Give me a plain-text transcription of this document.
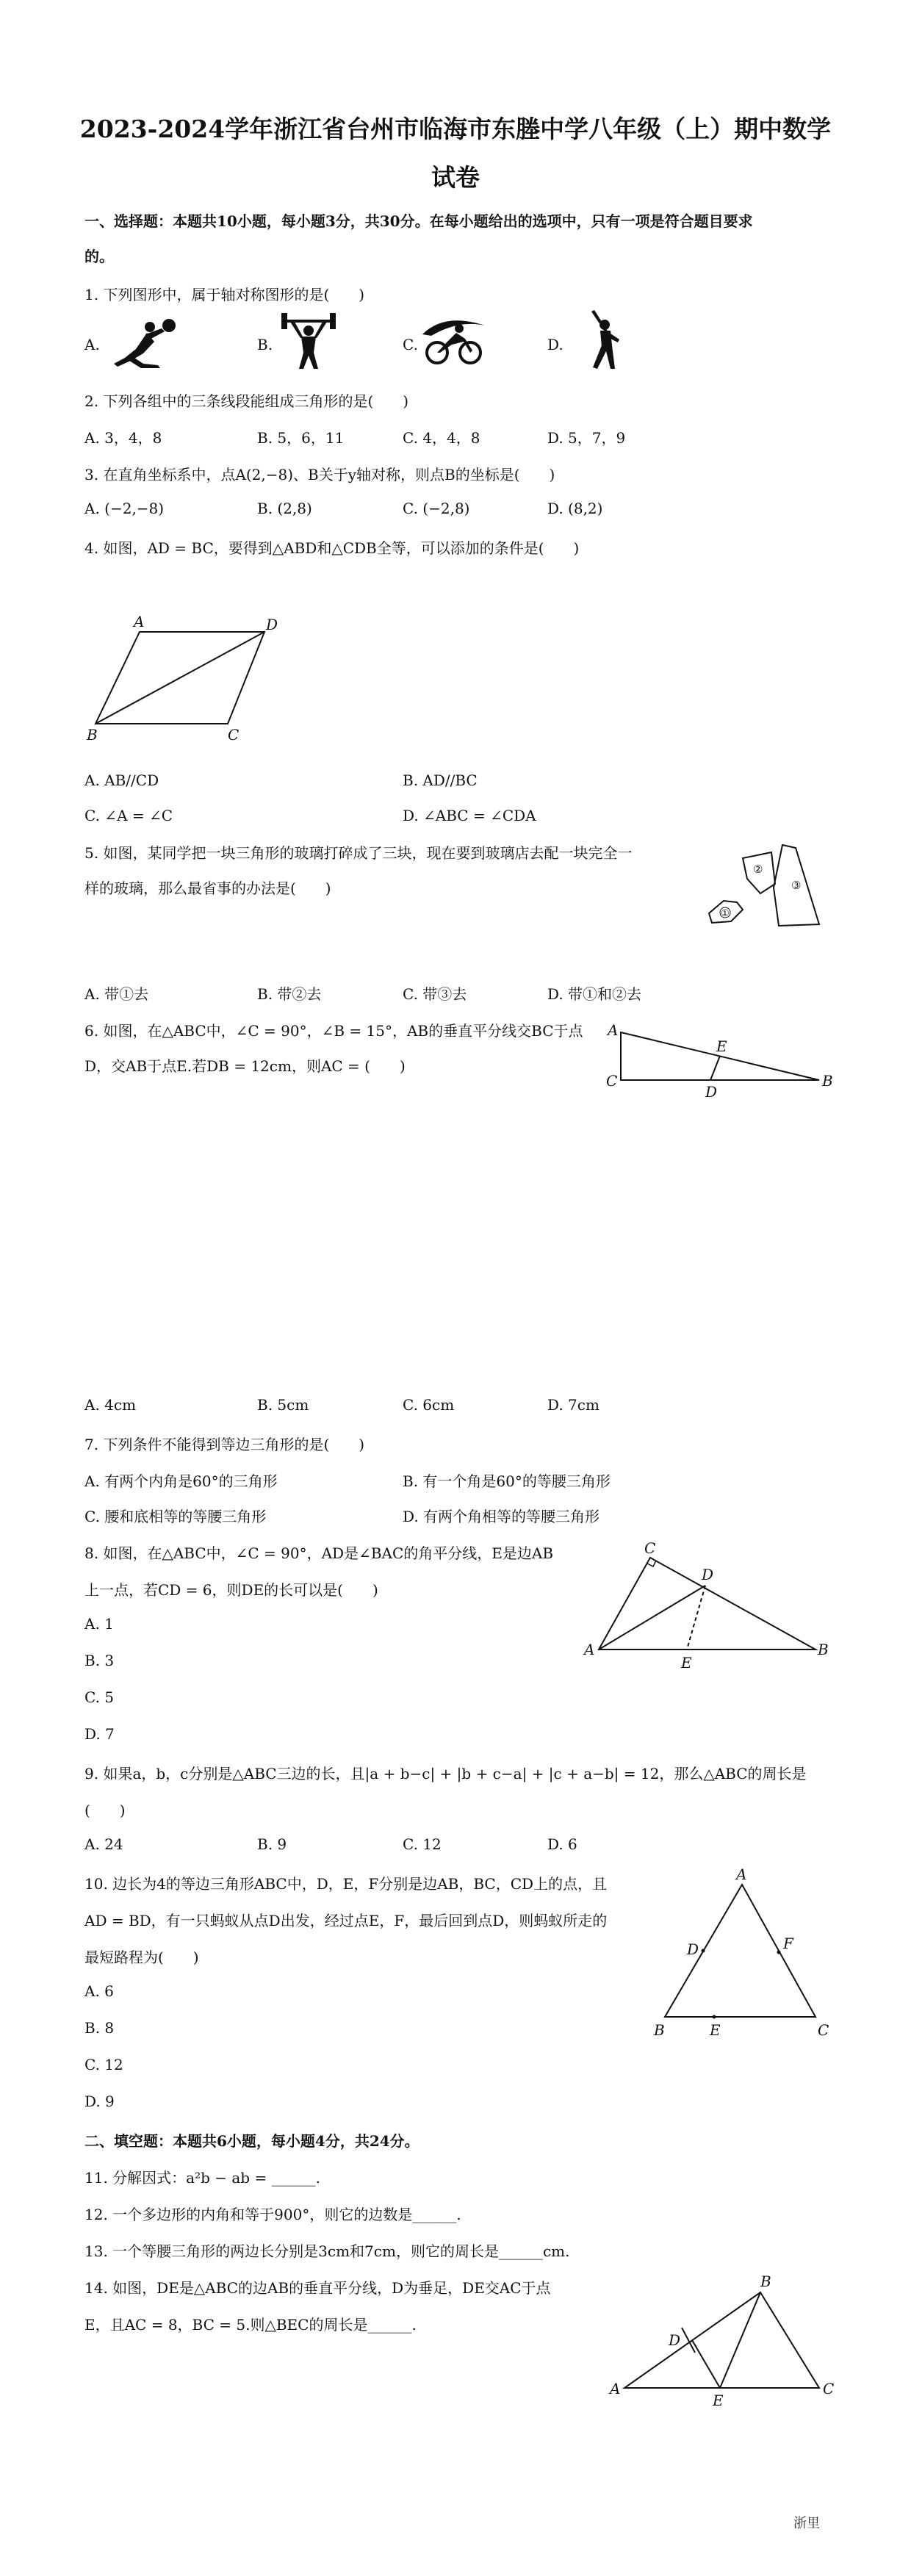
2023-2024学年浙江省台州市临海市东塍中学八年级（上）期中数学
试卷
一、选择题：本题共10小题，每小题3分，共30分。在每小题给出的选项中，只有一项是符合题目要求
的。
1. 下列图形中，属于轴对称图形的是(　　)
A.	B.	C.	D.
2. 下列各组中的三条线段能组成三角形的是(　　)
A. 3，4，8	B. 5，6，11	C. 4，4，8	D. 5，7，9
3. 在直角坐标系中，点A(2,−8)、B关于y轴对称，则点B的坐标是(　　)
A. (−2,−8)	B. (2,8)	C. (−2,8)	D. (8,2)
4. 如图，AD = BC，要得到△ABD和△CDB全等，可以添加的条件是(　　)
A	D
B	C
A. AB//CD	B. AD//BC
C. ∠A = ∠C	D. ∠ABC = ∠CDA
5. 如图，某同学把一块三角形的玻璃打碎成了三块，现在要到玻璃店去配一块完全一
样的玻璃，那么最省事的办法是(　　)
②
③
①
A. 带①去	B. 带②去	C. 带③去	D. 带①和②去
6. 如图，在△ABC中，∠C = 90°，∠B = 15°，AB的垂直平分线交BC于点
D，交AB于点E.若DB = 12cm，则AC = (　　)
A
E
C
D
B
A. 4cm	B. 5cm	C. 6cm	D. 7cm
7. 下列条件不能得到等边三角形的是(　　)
A. 有两个内角是60°的三角形	B. 有一个角是60°的等腰三角形
C. 腰和底相等的等腰三角形	D. 有两个角相等的等腰三角形
8. 如图，在△ABC中，∠C = 90°，AD是∠BAC的角平分线，E是边AB
上一点，若CD = 6，则DE的长可以是(　　)
C
D
A
E
B
A. 1
B. 3
C. 5
D. 7
9. 如果a，b，c分别是△ABC三边的长，且|a + b−c| + |b + c−a| + |c + a−b| = 12，那么△ABC的周长是
(　　)
A. 24	B. 9	C. 12	D. 6
10. 边长为4的等边三角形ABC中，D，E，F分别是边AB，BC，CD上的点，且
AD = BD，有一只蚂蚁从点D出发，经过点E，F，最后回到点D，则蚂蚁所走的
最短路程为(　　)
A
D	F
B	E	C
A. 6
B. 8
C. 12
D. 9
二、填空题：本题共6小题，每小题4分，共24分。
11. 分解因式：a²b − ab = ______.
12. 一个多边形的内角和等于900°，则它的边数是______.
13. 一个等腰三角形的两边长分别是3cm和7cm，则它的周长是______cm.
14. 如图，DE是△ABC的边AB的垂直平分线，D为垂足，DE交AC于点
E，且AC = 8，BC = 5.则△BEC的周长是______.
B
D
A
E
C
浙里
